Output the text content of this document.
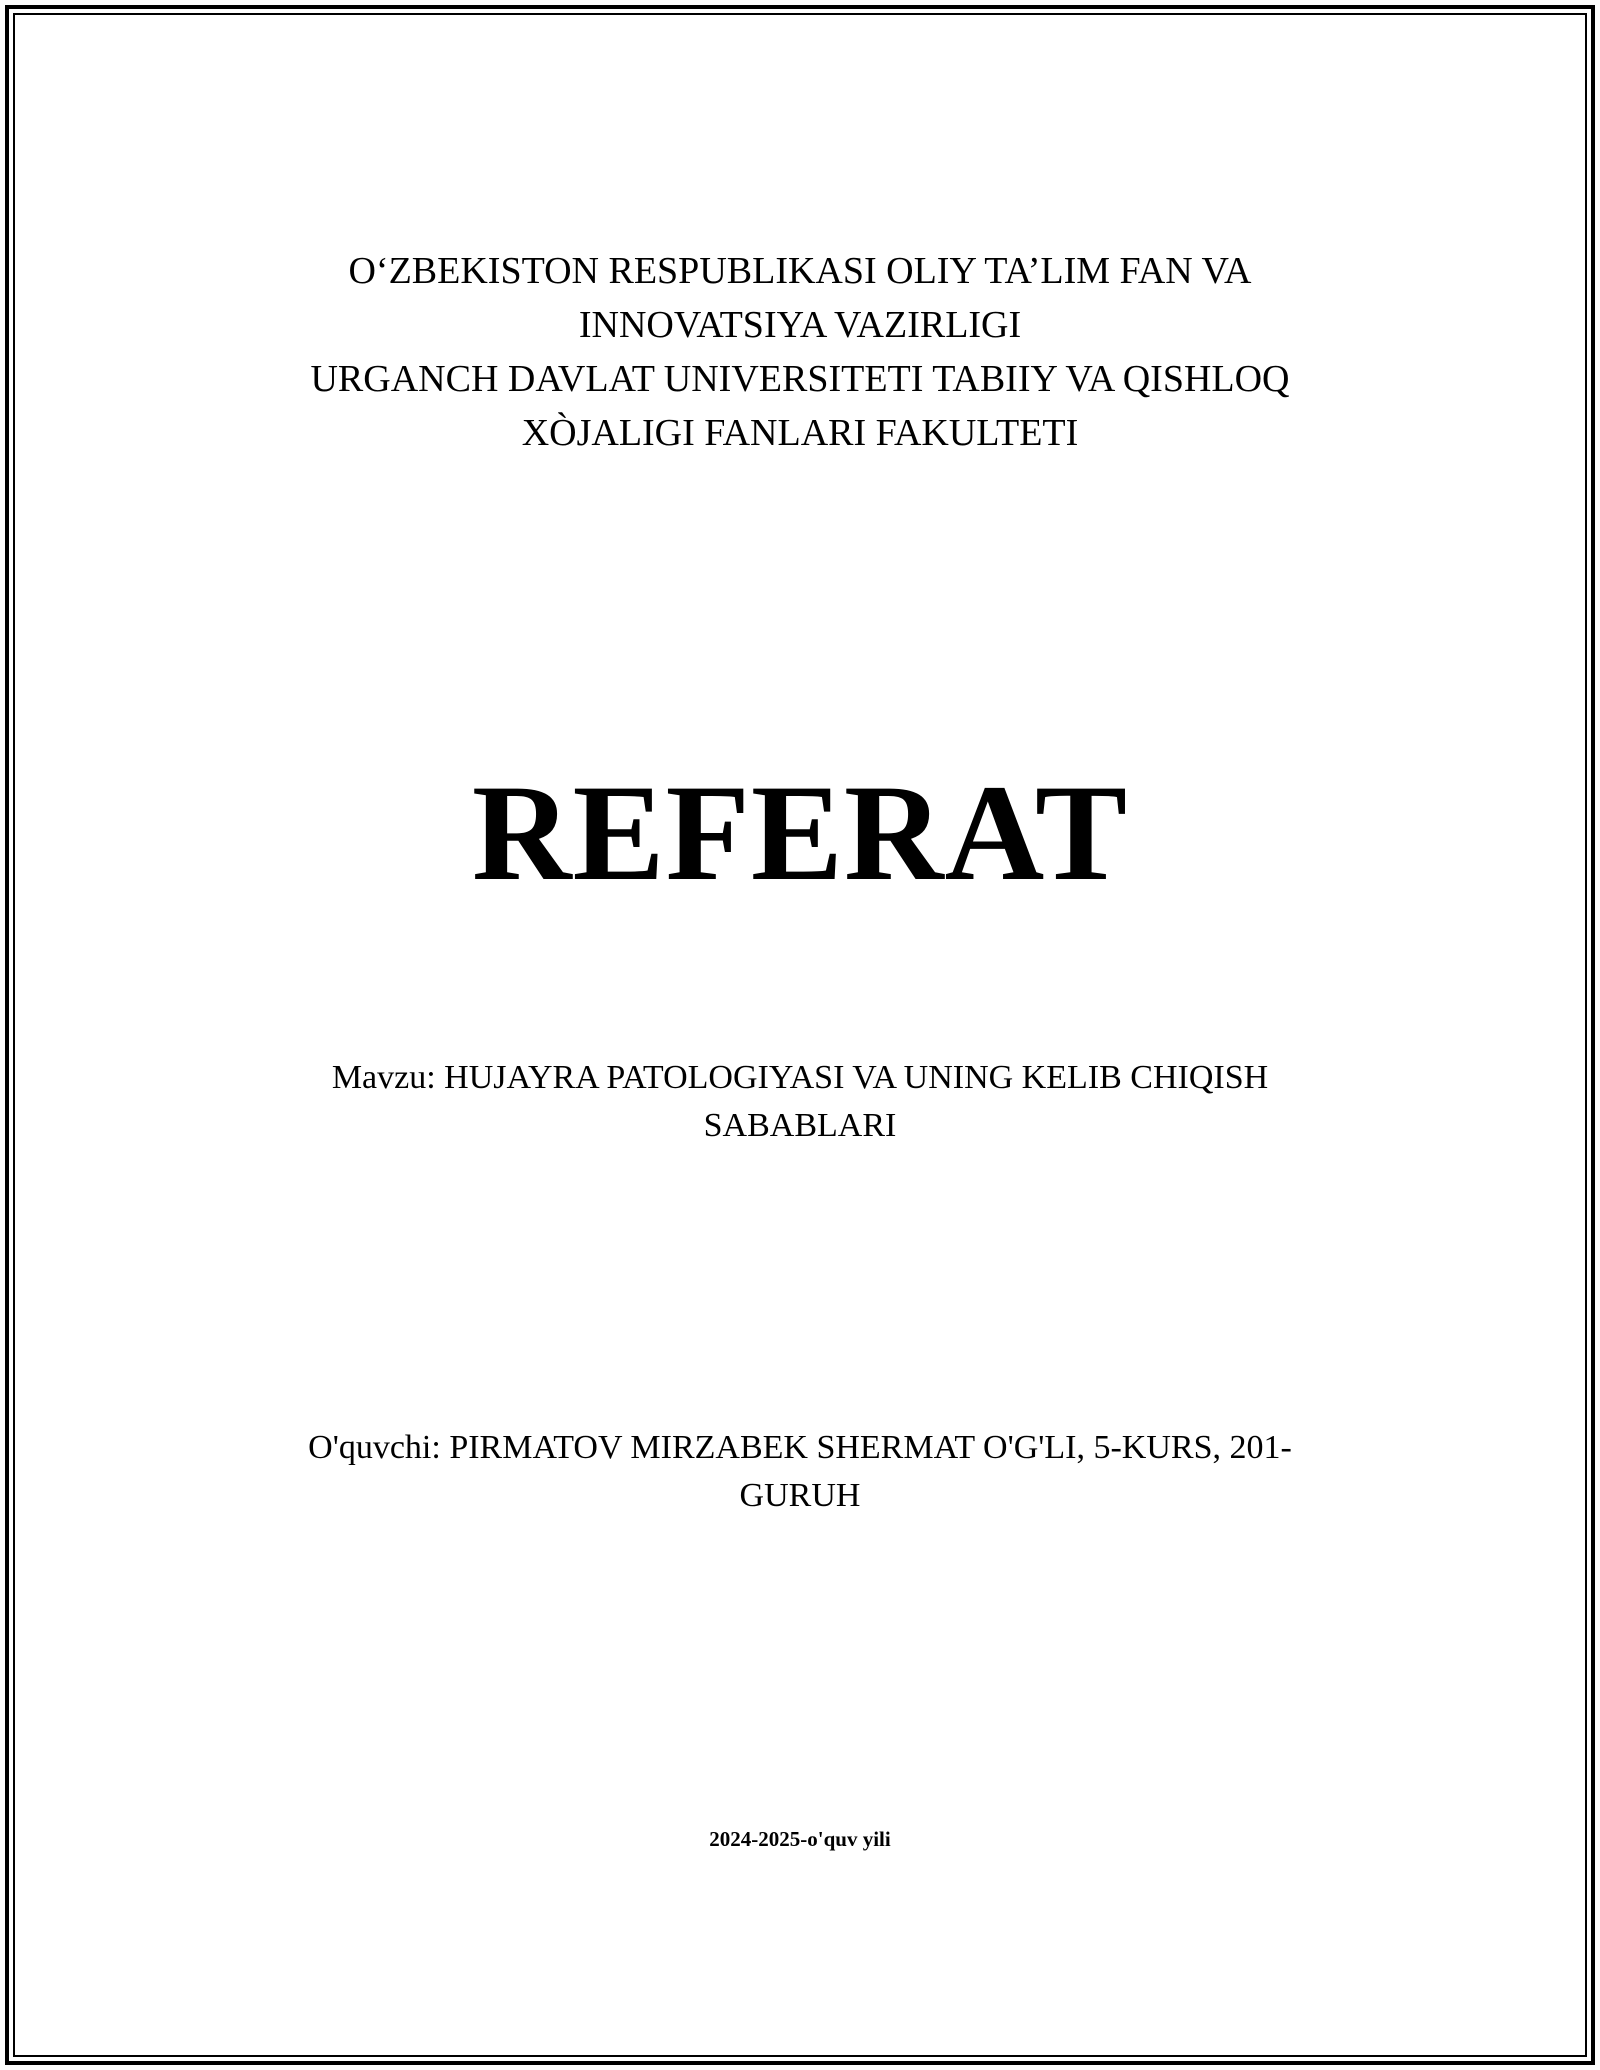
O‘ZBEKISTON RESPUBLIKASI OLIY TA’LIM FAN VA
INNOVATSIYA VAZIRLIGI
URGANCH DAVLAT UNIVERSITETI TABIIY VA QISHLOQ
XÒJALIGI FANLARI FAKULTETI
REFERAT
Mavzu: HUJAYRA PATOLOGIYASI VA UNING KELIB CHIQISH
SABABLARI
O'quvchi: PIRMATOV MIRZABEK SHERMAT O'G'LI, 5-KURS, 201-
GURUH
2024-2025-o'quv yili
